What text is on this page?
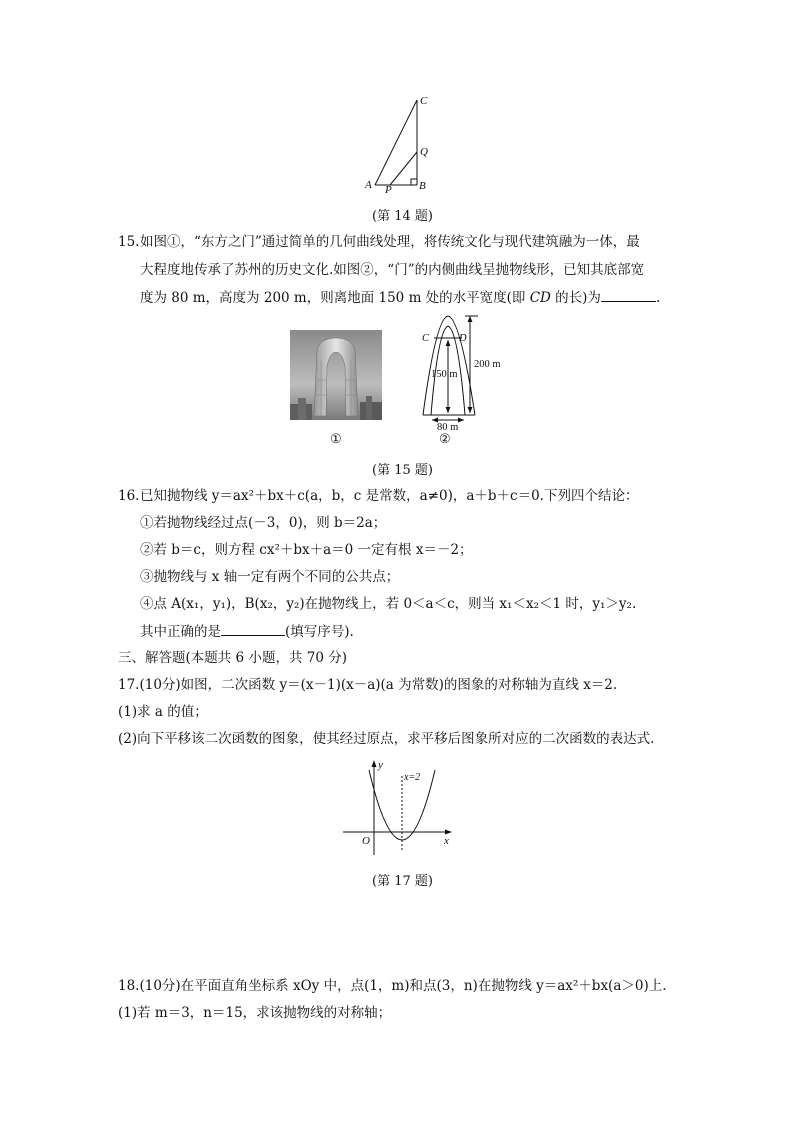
C
Q
A P B
(第 14 题)
15. 如图①，“东方之门”通过简单的几何曲线处理，将传统文化与现代建筑融为一体，最
大程度地传承了苏州的历史文化.如图②，“门”的内侧曲线呈抛物线形，已知其底部宽
度为 80 m，高度为 200 m，则离地面 150 m 处的水平宽度(即 CD 的长)为	.
①
C	D
150 m
200 m
80 m
②
(第 15 题)
16. 已知抛物线 y＝ax²＋bx＋c(a，b，c 是常数，a≠0)，a＋b＋c＝0.下列四个结论：
①若抛物线经过点(－3，0)，则 b＝2a；
②若 b＝c，则方程 cx²＋bx＋a＝0 一定有根 x＝－2；
③抛物线与 x 轴一定有两个不同的公共点；
④点 A(x₁，y₁)，B(x₂，y₂)在抛物线上，若 0＜a＜c，则当 x₁＜x₂＜1 时，y₁＞y₂.
其中正确的是	(填写序号).
三、解答题(本题共 6 小题，共 70 分)
17.(10分)如图，二次函数 y＝(x－1)(x－a)(a 为常数)的图象的对称轴为直线 x＝2.
(1)求 a 的值；
(2)向下平移该二次函数的图象，使其经过原点，求平移后图象所对应的二次函数的表达式.
y
x
O
x=2
(第 17 题)
18.(10分)在平面直角坐标系 xOy 中，点(1，m)和点(3，n)在抛物线 y＝ax²＋bx(a＞0)上.
(1)若 m＝3，n＝15，求该抛物线的对称轴；
